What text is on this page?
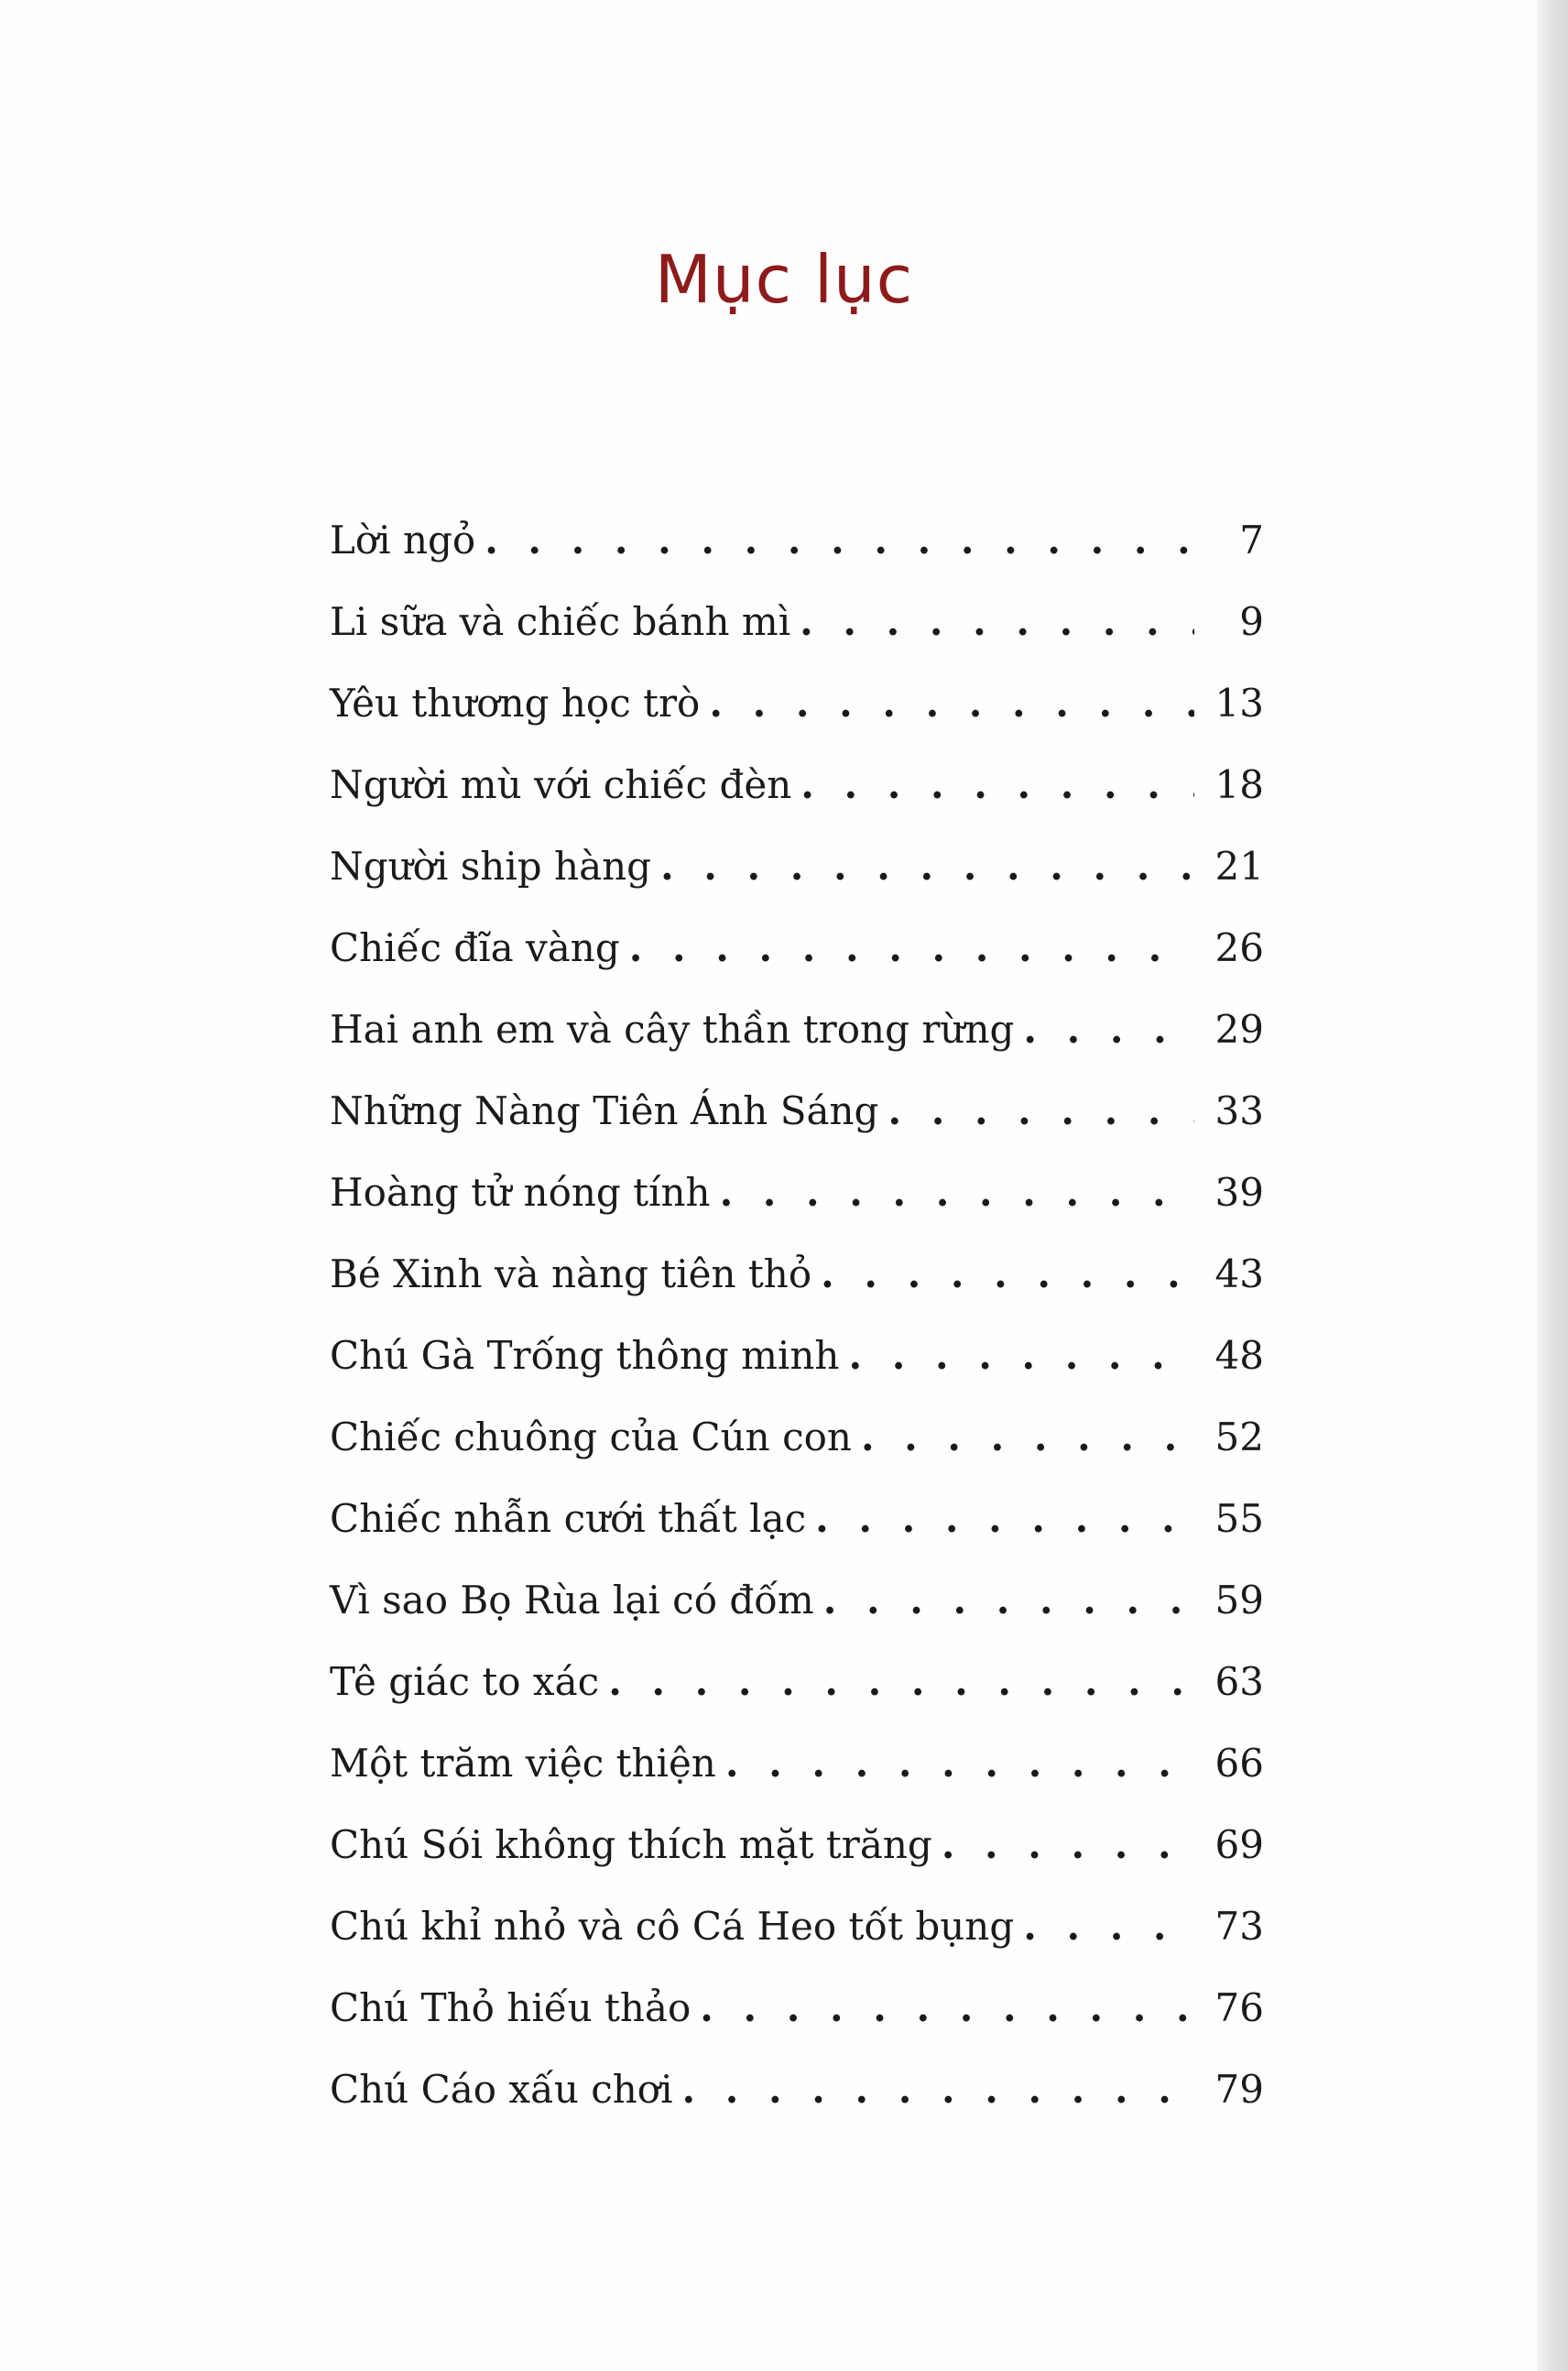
Mục lục
Lời ngỏ . . .	7
Li sữa và chiếc bánh mì . . .	9
Yêu thương học trò . . .	13
Người mù với chiếc đèn . . .	18
Người ship hàng . . .	21
Chiếc đĩa vàng . . .	26
Hai anh em và cây thần trong rừng . . .	29
Những Nàng Tiên Ánh Sáng . . .	33
Hoàng tử nóng tính . . .	39
Bé Xinh và nàng tiên thỏ . . .	43
Chú Gà Trống thông minh . . .	48
Chiếc chuông của Cún con . . .	52
Chiếc nhẫn cưới thất lạc . . .	55
Vì sao Bọ Rùa lại có đốm . . .	59
Tê giác to xác . . .	63
Một trăm việc thiện . . .	66
Chú Sói không thích mặt trăng . . .	69
Chú khỉ nhỏ và cô Cá Heo tốt bụng . . .	73
Chú Thỏ hiếu thảo . . .	76
Chú Cáo xấu chơi . . .	79
